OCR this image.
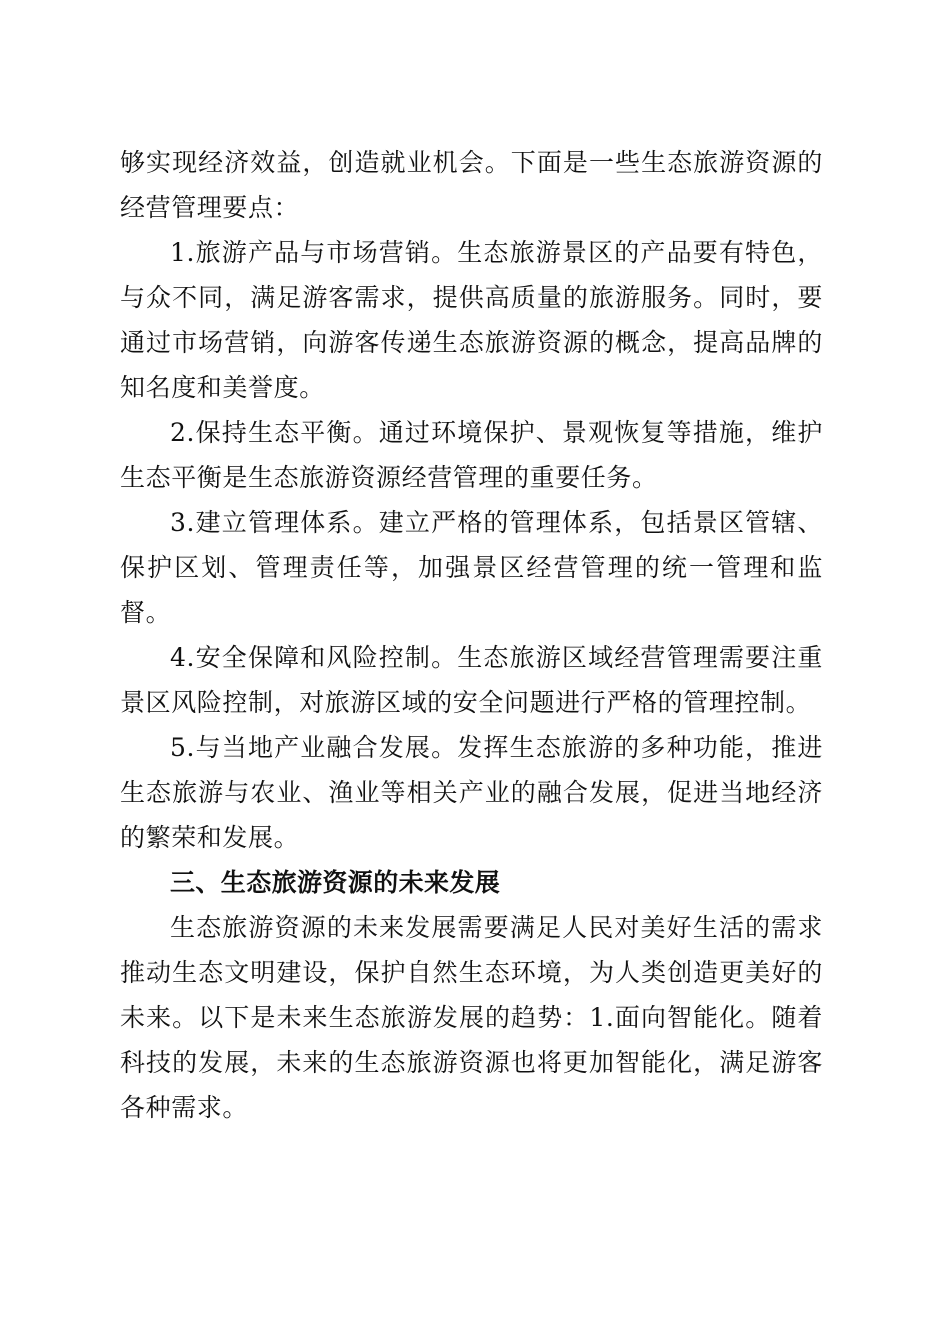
够实现经济效益，创造就业机会。下面是一些生态旅游资源的经营管理要点：

1.旅游产品与市场营销。生态旅游景区的产品要有特色，与众不同，满足游客需求，提供高质量的旅游服务。同时，要通过市场营销，向游客传递生态旅游资源的概念，提高品牌的知名度和美誉度。

2.保持生态平衡。通过环境保护、景观恢复等措施，维护生态平衡是生态旅游资源经营管理的重要任务。

3.建立管理体系。建立严格的管理体系，包括景区管辖、保护区划、管理责任等，加强景区经营管理的统一管理和监督。

4.安全保障和风险控制。生态旅游区域经营管理需要注重景区风险控制，对旅游区域的安全问题进行严格的管理控制。

5.与当地产业融合发展。发挥生态旅游的多种功能，推进生态旅游与农业、渔业等相关产业的融合发展，促进当地经济的繁荣和发展。

三、生态旅游资源的未来发展

生态旅游资源的未来发展需要满足人民对美好生活的需求推动生态文明建设，保护自然生态环境，为人类创造更美好的未来。以下是未来生态旅游发展的趋势：1.面向智能化。随着科技的发展，未来的生态旅游资源也将更加智能化，满足游客各种需求。
